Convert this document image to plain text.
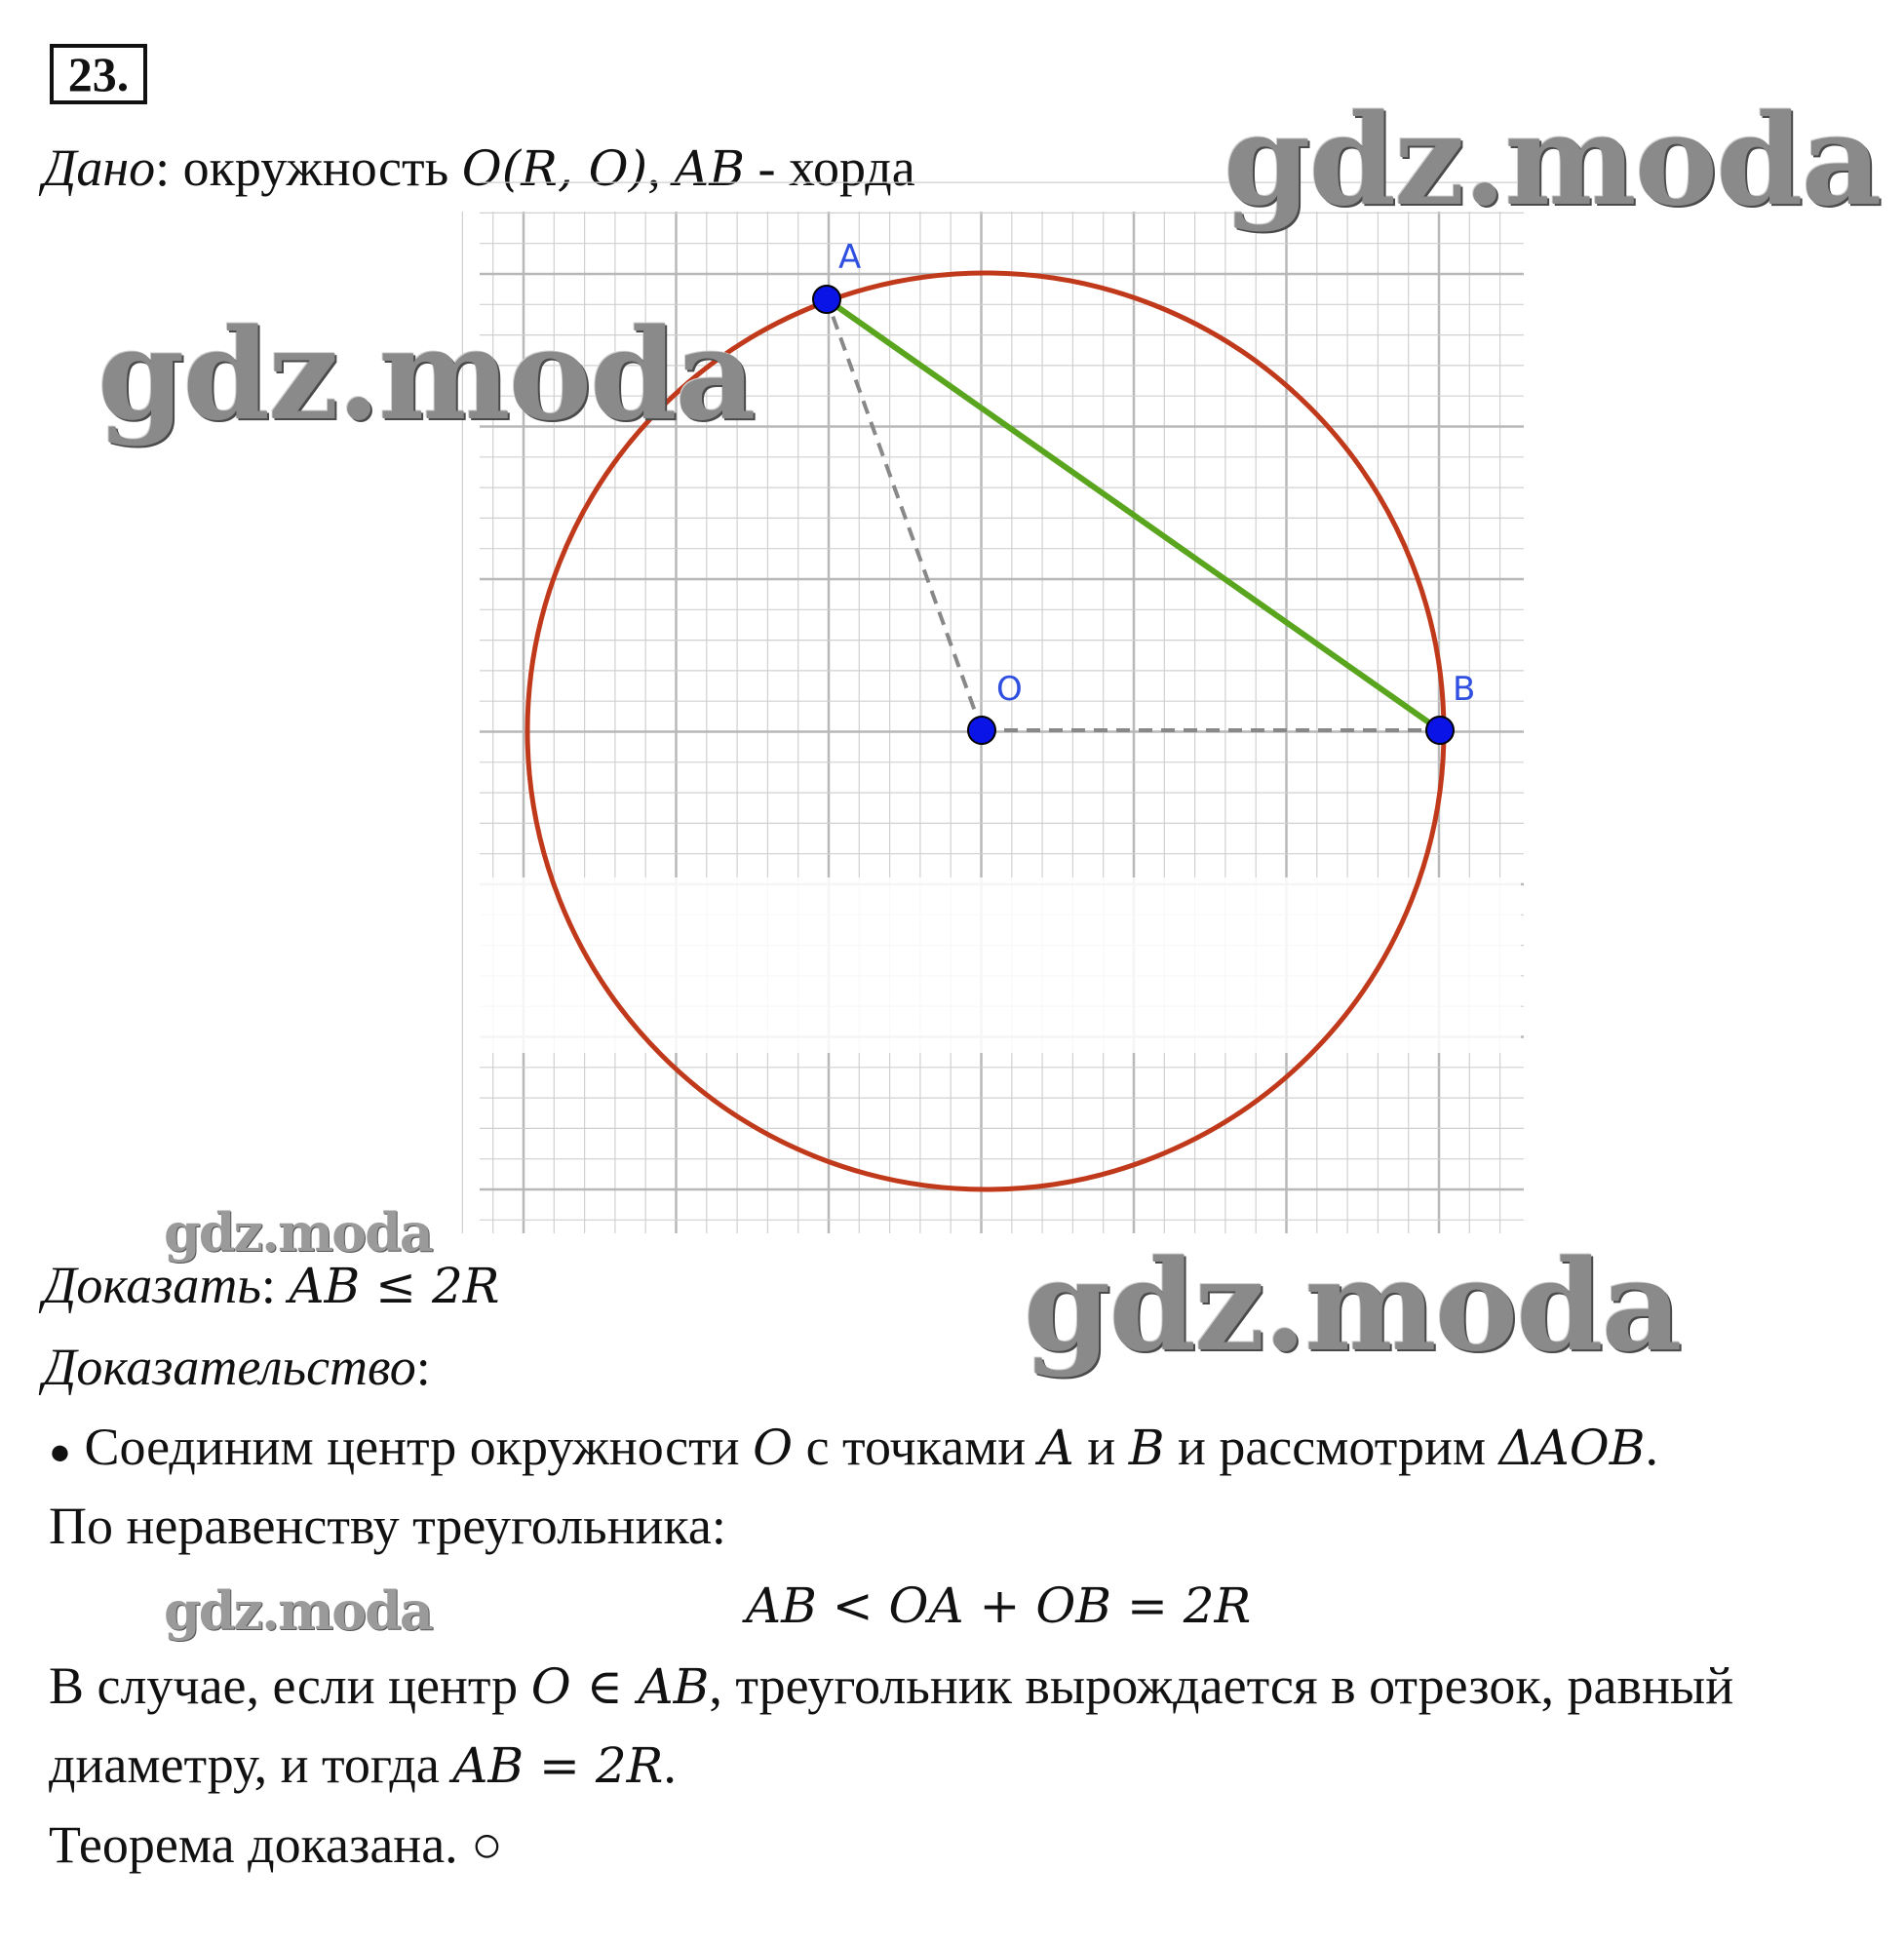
23.
Дано: окружность O(R, O), AB - хорда
A
O	B
gdz.moda
gdz.moda
gdz.moda
gdz.moda
gdz.moda
Доказать: AB ≤ 2R
Доказательство:
● Соединим центр окружности O с точками A и B и рассмотрим ΔAOB.
По неравенству треугольника:
AB < OA + OB = 2R
В случае, если центр O ∈ AB, треугольник вырождается в отрезок, равный
диаметру, и тогда AB = 2R.
Теорема доказана. ○
